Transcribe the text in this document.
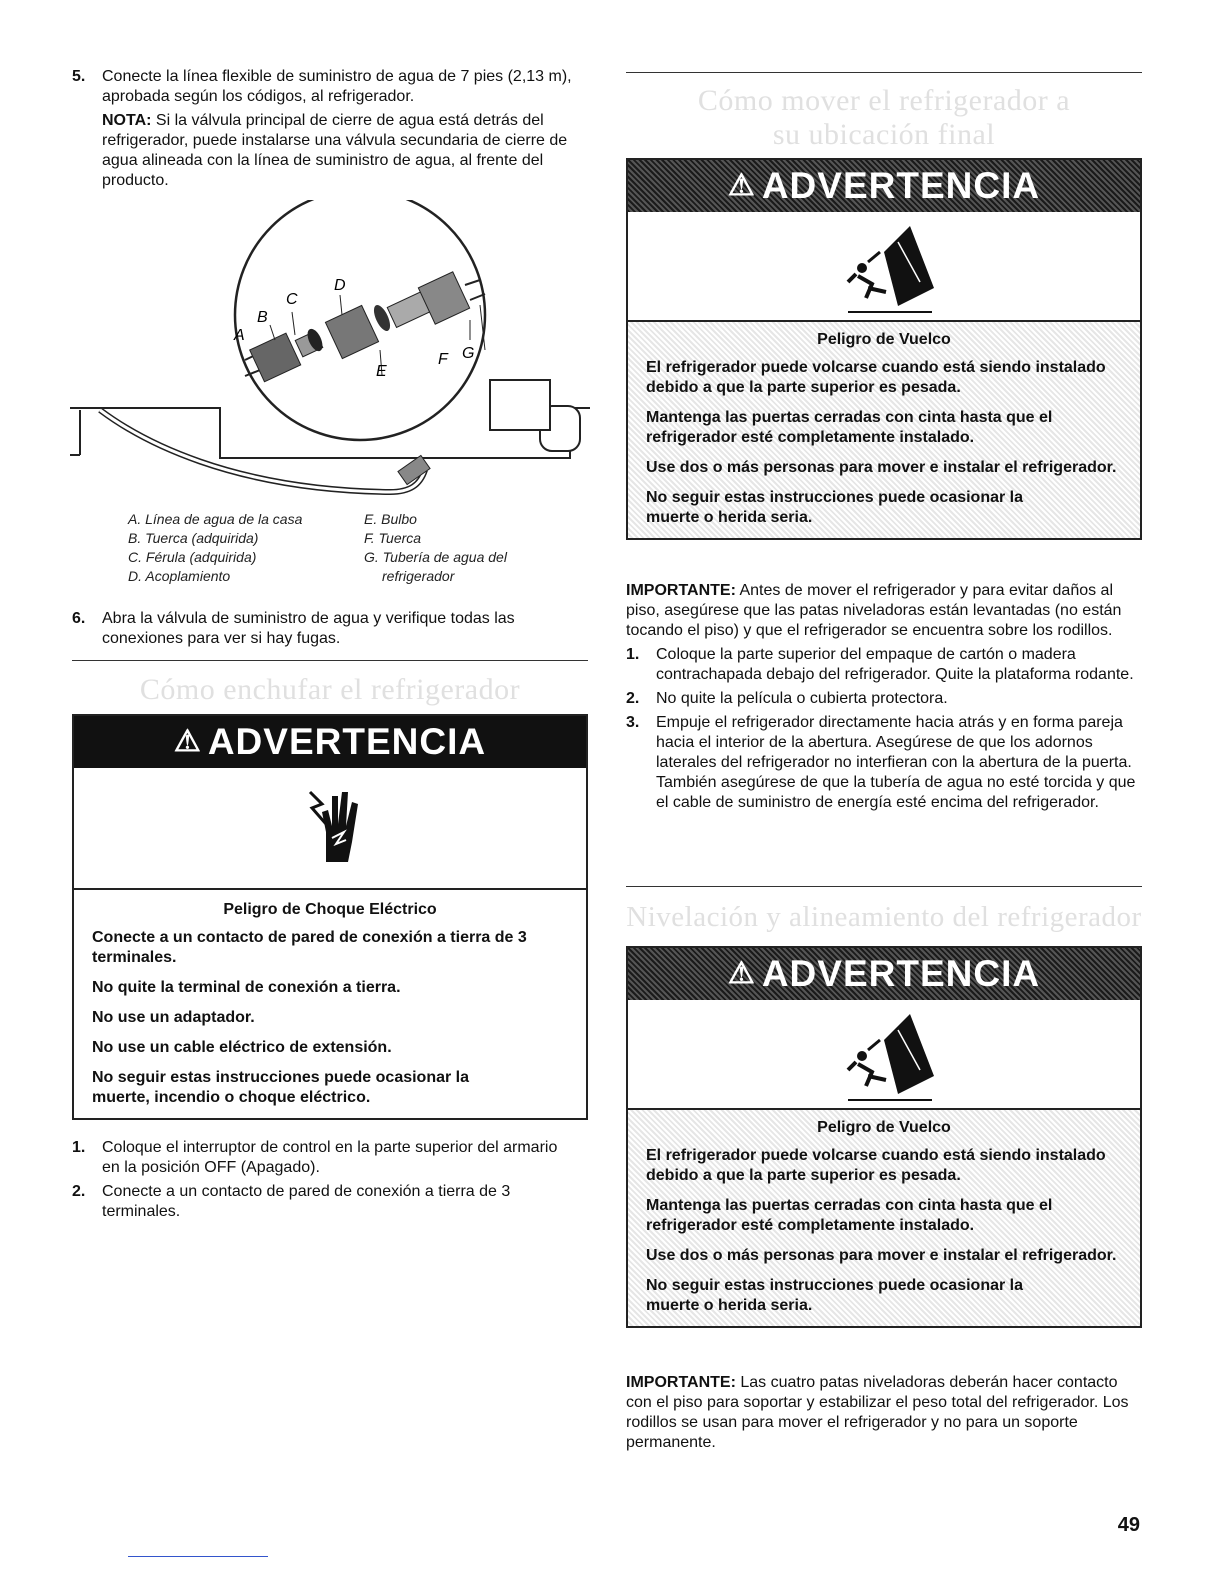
5. Conecte la línea flexible de suministro de agua de 7 pies (2,13 m), aprobada según los códigos, al refrigerador.

NOTA: Si la válvula principal de cierre de agua está detrás del refrigerador, puede instalarse una válvula secundaria de cierre de agua alineada con la línea de suministro de agua, al frente del producto.

A
B
C
D
E
F G
A. Línea de agua de la casa
B. Tuerca (adquirida)
C. Férula (adquirida)
D. Acoplamiento
E. Bulbo
F. Tuerca
G. Tubería de agua del
refrigerador
6. Abra la válvula de suministro de agua y verifique todas las conexiones para ver si hay fugas.

Cómo enchufar el refrigerador
⚠ ADVERTENCIA
Peligro de Choque Eléctrico

Conecte a un contacto de pared de conexión a tierra de 3 terminales.

No quite la terminal de conexión a tierra.

No use un adaptador.

No use un cable eléctrico de extensión.

No seguir estas instrucciones puede ocasionar la muerte, incendio o choque eléctrico.

1. Coloque el interruptor de control en la parte superior del armario en la posición OFF (Apagado).

2. Conecte a un contacto de pared de conexión a tierra de 3 terminales.

Cómo mover el refrigerador a
su ubicación final
⚠ ADVERTENCIA
Peligro de Vuelco

El refrigerador puede volcarse cuando está siendo instalado debido a que la parte superior es pesada.

Mantenga las puertas cerradas con cinta hasta que el refrigerador esté completamente instalado.

Use dos o más personas para mover e instalar el refrigerador.

No seguir estas instrucciones puede ocasionar la muerte o herida seria.

IMPORTANTE: Antes de mover el refrigerador y para evitar daños al piso, asegúrese que las patas niveladoras están levantadas (no están tocando el piso) y que el refrigerador se encuentra sobre los rodillos.

1. Coloque la parte superior del empaque de cartón o madera contrachapada debajo del refrigerador. Quite la plataforma rodante.

2. No quite la película o cubierta protectora.

3. Empuje el refrigerador directamente hacia atrás y en forma pareja hacia el interior de la abertura. Asegúrese de que los adornos laterales del refrigerador no interfieran con la abertura de la puerta. También asegúrese de que la tubería de agua no esté torcida y que el cable de suministro de energía esté encima del refrigerador.

Nivelación y alineamiento del refrigerador
⚠ ADVERTENCIA
Peligro de Vuelco

El refrigerador puede volcarse cuando está siendo instalado debido a que la parte superior es pesada.

Mantenga las puertas cerradas con cinta hasta que el refrigerador esté completamente instalado.

Use dos o más personas para mover e instalar el refrigerador.

No seguir estas instrucciones puede ocasionar la muerte o herida seria.

IMPORTANTE: Las cuatro patas niveladoras deberán hacer contacto con el piso para soportar y estabilizar el peso total del refrigerador. Los rodillos se usan para mover el refrigerador y no para un soporte permanente.

49
